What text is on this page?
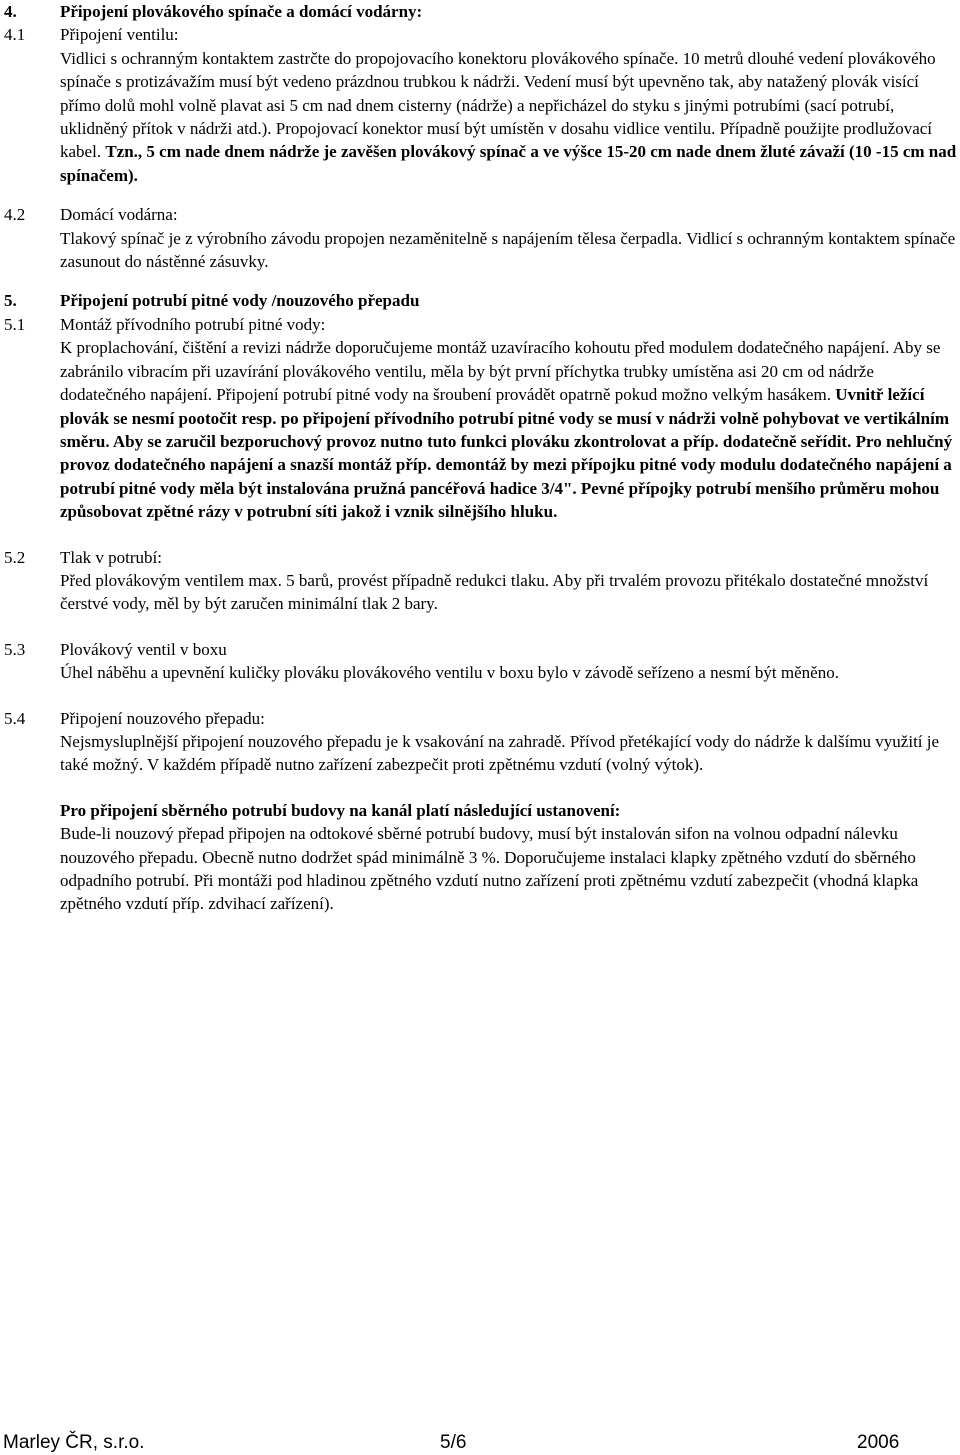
4.	Připojení plovákového spínače a domácí vodárny:
4.1	Připojení ventilu:

Vidlici s ochranným kontaktem zastrčte do propojovacího konektoru plovákového spínače. 10 metrů dlouhé vedení plovákového spínače s protizávažím musí být vedeno prázdnou trubkou k nádrži. Vedení musí být upevněno tak, aby natažený plovák visící přímo dolů mohl volně plavat asi 5 cm nad dnem cisterny (nádrže) a nepřicházel do styku s jinými potrubími (sací potrubí, uklidněný přítok v nádrži atd.). Propojovací konektor musí být umístěn v dosahu vidlice ventilu. Případně použijte prodlužovací kabel. Tzn., 5 cm nade dnem nádrže je zavěšen plovákový spínač a ve výšce 15-20 cm nade dnem žluté závaží (10 -15 cm nad spínačem).

4.2	Domácí vodárna:

Tlakový spínač je z výrobního závodu propojen nezaměnitelně s napájením tělesa čerpadla. Vidlicí s ochranným kontaktem spínače zasunout do nástěnné zásuvky.

5.	Připojení potrubí pitné vody /nouzového přepadu
5.1	Montáž přívodního potrubí pitné vody:

K proplachování, čištění a revizi nádrže doporučujeme montáž uzavíracího kohoutu před modulem dodatečného napájení. Aby se zabránilo vibracím při uzavírání plovákového ventilu, měla by být první příchytka trubky umístěna asi 20 cm od nádrže dodatečného napájení. Připojení potrubí pitné vody na šroubení provádět opatrně pokud možno velkým hasákem. Uvnitř ležící plovák se nesmí pootočit resp. po připojení přívodního potrubí pitné vody se musí v nádrži volně pohybovat ve vertikálním směru. Aby se zaručil bezporuchový provoz nutno tuto funkci plováku zkontrolovat a příp. dodatečně seřídit. Pro nehlučný provoz dodatečného napájení a snazší montáž příp. demontáž by mezi přípojku pitné vody modulu dodatečného napájení a potrubí pitné vody měla být instalována pružná pancéřová hadice 3/4". Pevné přípojky potrubí menšího průměru mohou způsobovat zpětné rázy v potrubní síti jakož i vznik silnějšího hluku.

5.2	Tlak v potrubí:

Před plovákovým ventilem max. 5 barů, provést případně redukci tlaku. Aby při trvalém provozu přitékalo dostatečné množství čerstvé vody, měl by být zaručen minimální tlak 2 bary.

5.3	Plovákový ventil v boxu

Úhel náběhu a upevnění kuličky plováku plovákového ventilu v boxu bylo v závodě seřízeno a nesmí být měněno.

5.4	Připojení nouzového přepadu:

Nejsmysluplnější připojení nouzového přepadu je k vsakování na zahradě. Přívod přetékající vody do nádrže k dalšímu využití je také možný. V každém případě nutno zařízení zabezpečit proti zpětnému vzdutí (volný výtok).

Pro připojení sběrného potrubí budovy na kanál platí následující ustanovení:

Bude-li nouzový přepad připojen na odtokové sběrné potrubí budovy, musí být instalován sifon na volnou odpadní nálevku nouzového přepadu. Obecně nutno dodržet spád minimálně 3 %. Doporučujeme instalaci klapky zpětného vzdutí do sběrného odpadního potrubí. Při montáži pod hladinou zpětného vzdutí nutno zařízení proti zpětnému vzdutí zabezpečit (vhodná klapka zpětného vzdutí příp. zdvihací zařízení).

Marley ČR, s.r.o.	5/6	2006
